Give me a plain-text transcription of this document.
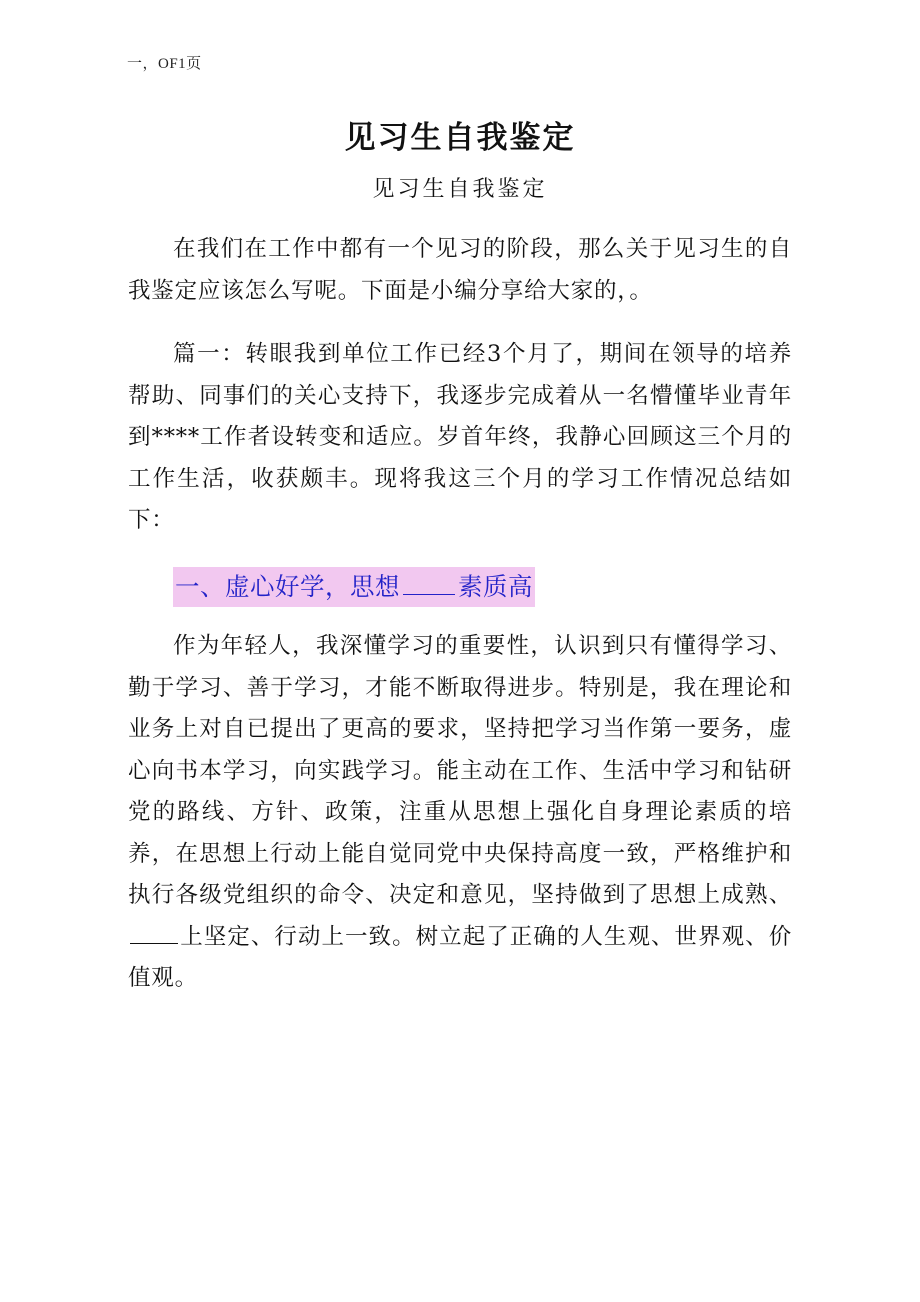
一，OF1页
见习生自我鉴定
见习生自我鉴定

在我们在工作中都有一个见习的阶段，那么关于见习生的自我鉴定应该怎么写呢。下面是小编分享给大家的，。

篇一：转眼我到单位工作已经3个月了，期间在领导的培养帮助、同事们的关心支持下，我逐步完成着从一名懵懂毕业青年到****工作者设转变和适应。岁首年终，我静心回顾这三个月的工作生活，收获颇丰。现将我这三个月的学习工作情况总结如下：

一、虚心好学，思想 素质高

作为年轻人，我深懂学习的重要性，认识到只有懂得学习、勤于学习、善于学习，才能不断取得进步。特别是，我在理论和业务上对自已提出了更高的要求，坚持把学习当作第一要务，虚心向书本学习，向实践学习。能主动在工作、生活中学习和钻研党的路线、方针、政策，注重从思想上强化自身理论素质的培养，在思想上行动上能自觉同党中央保持高度一致，严格维护和执行各级党组织的命令、决定和意见，坚持做到了思想上成熟、上坚定、行动上一致。树立起了正确的人生观、世界观、价值观。
